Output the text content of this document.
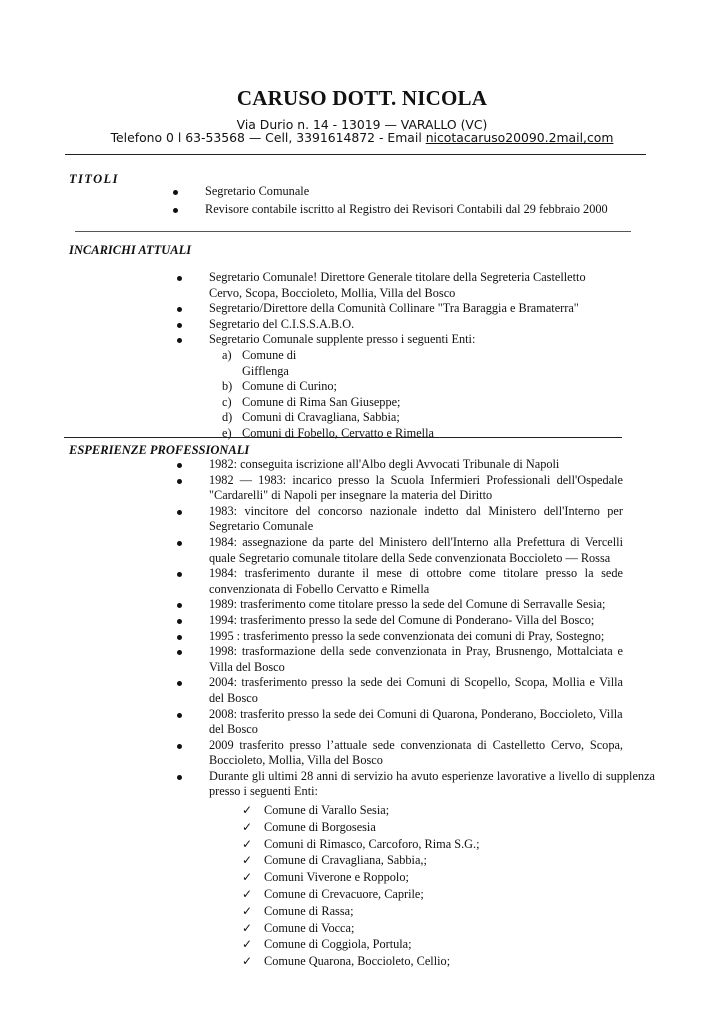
CARUSO DOTT. NICOLA
Via Durio n. 14 - 13019 — VARALLO (VC)
Telefono 0 l 63-53568 — Cell, 3391614872 - Email nicotacaruso20090.2mail,com
TITOLI
Segretario Comunale
Revisore contabile iscritto al Registro dei Revisori Contabili dal 29 febbraio 2000
INCARICHI ATTUALI
Segretario Comunale! Direttore Generale titolare della Segreteria Castelletto Cervo, Scopa, Boccioleto, Mollia, Villa del Bosco
Segretario/Direttore della Comunità Collinare "Tra Baraggia e Bramaterra"
Segretario del C.I.S.S.A.B.O.
Segretario Comunale supplente presso i seguenti Enti:
a) Comune di Gifflenga
b) Comune di Curino;
c) Comune di Rima San Giuseppe;
d) Comuni di Cravagliana, Sabbia;
e) Comuni di Fobello, Cervatto e Rimella
ESPERIENZE PROFESSIONALI
1982: conseguita iscrizione all'Albo degli Avvocati Tribunale di Napoli
1982 — 1983: incarico presso la Scuola Infermieri Professionali dell'Ospedale "Cardarelli" di Napoli per insegnare la materia del Diritto
1983: vincitore del concorso nazionale indetto dal Ministero dell'Interno per Segretario Comunale
1984: assegnazione da parte del Ministero dell'Interno alla Prefettura di Vercelli quale Segretario comunale titolare della Sede convenzionata Boccioleto — Rossa
1984: trasferimento durante il mese di ottobre come titolare presso la sede convenzionata di Fobello Cervatto e Rimella
1989: trasferimento come titolare presso la sede del Comune di Serravalle Sesia;
1994: trasferimento presso la sede del Comune di Ponderano- Villa del Bosco;
1995 : trasferimento presso la sede convenzionata dei comuni di Pray, Sostegno;
1998: trasformazione della sede convenzionata in Pray, Brusnengo, Mottalciata e Villa del Bosco
2004: trasferimento presso la sede dei Comuni di Scopello, Scopa, Mollia e Villa del Bosco
2008: trasferito presso la sede dei Comuni di Quarona, Ponderano, Boccioleto, Villa del Bosco
2009 trasferito presso l’attuale sede convenzionata di Castelletto Cervo, Scopa, Boccioleto, Mollia, Villa del Bosco
Durante gli ultimi 28 anni di servizio ha avuto esperienze lavorative a livello di supplenza presso i seguenti Enti:
✓ Comune di Varallo Sesia;
✓ Comune di Borgosesia
✓ Comuni di Rimasco, Carcoforo, Rima S.G.;
✓ Comune di Cravagliana, Sabbia,;
✓ Comuni Viverone e Roppolo;
✓ Comune di Crevacuore, Caprile;
✓ Comune di Rassa;
✓ Comune di Vocca;
✓ Comune di Coggiola, Portula;
✓ Comune Quarona, Boccioleto, Cellio;
